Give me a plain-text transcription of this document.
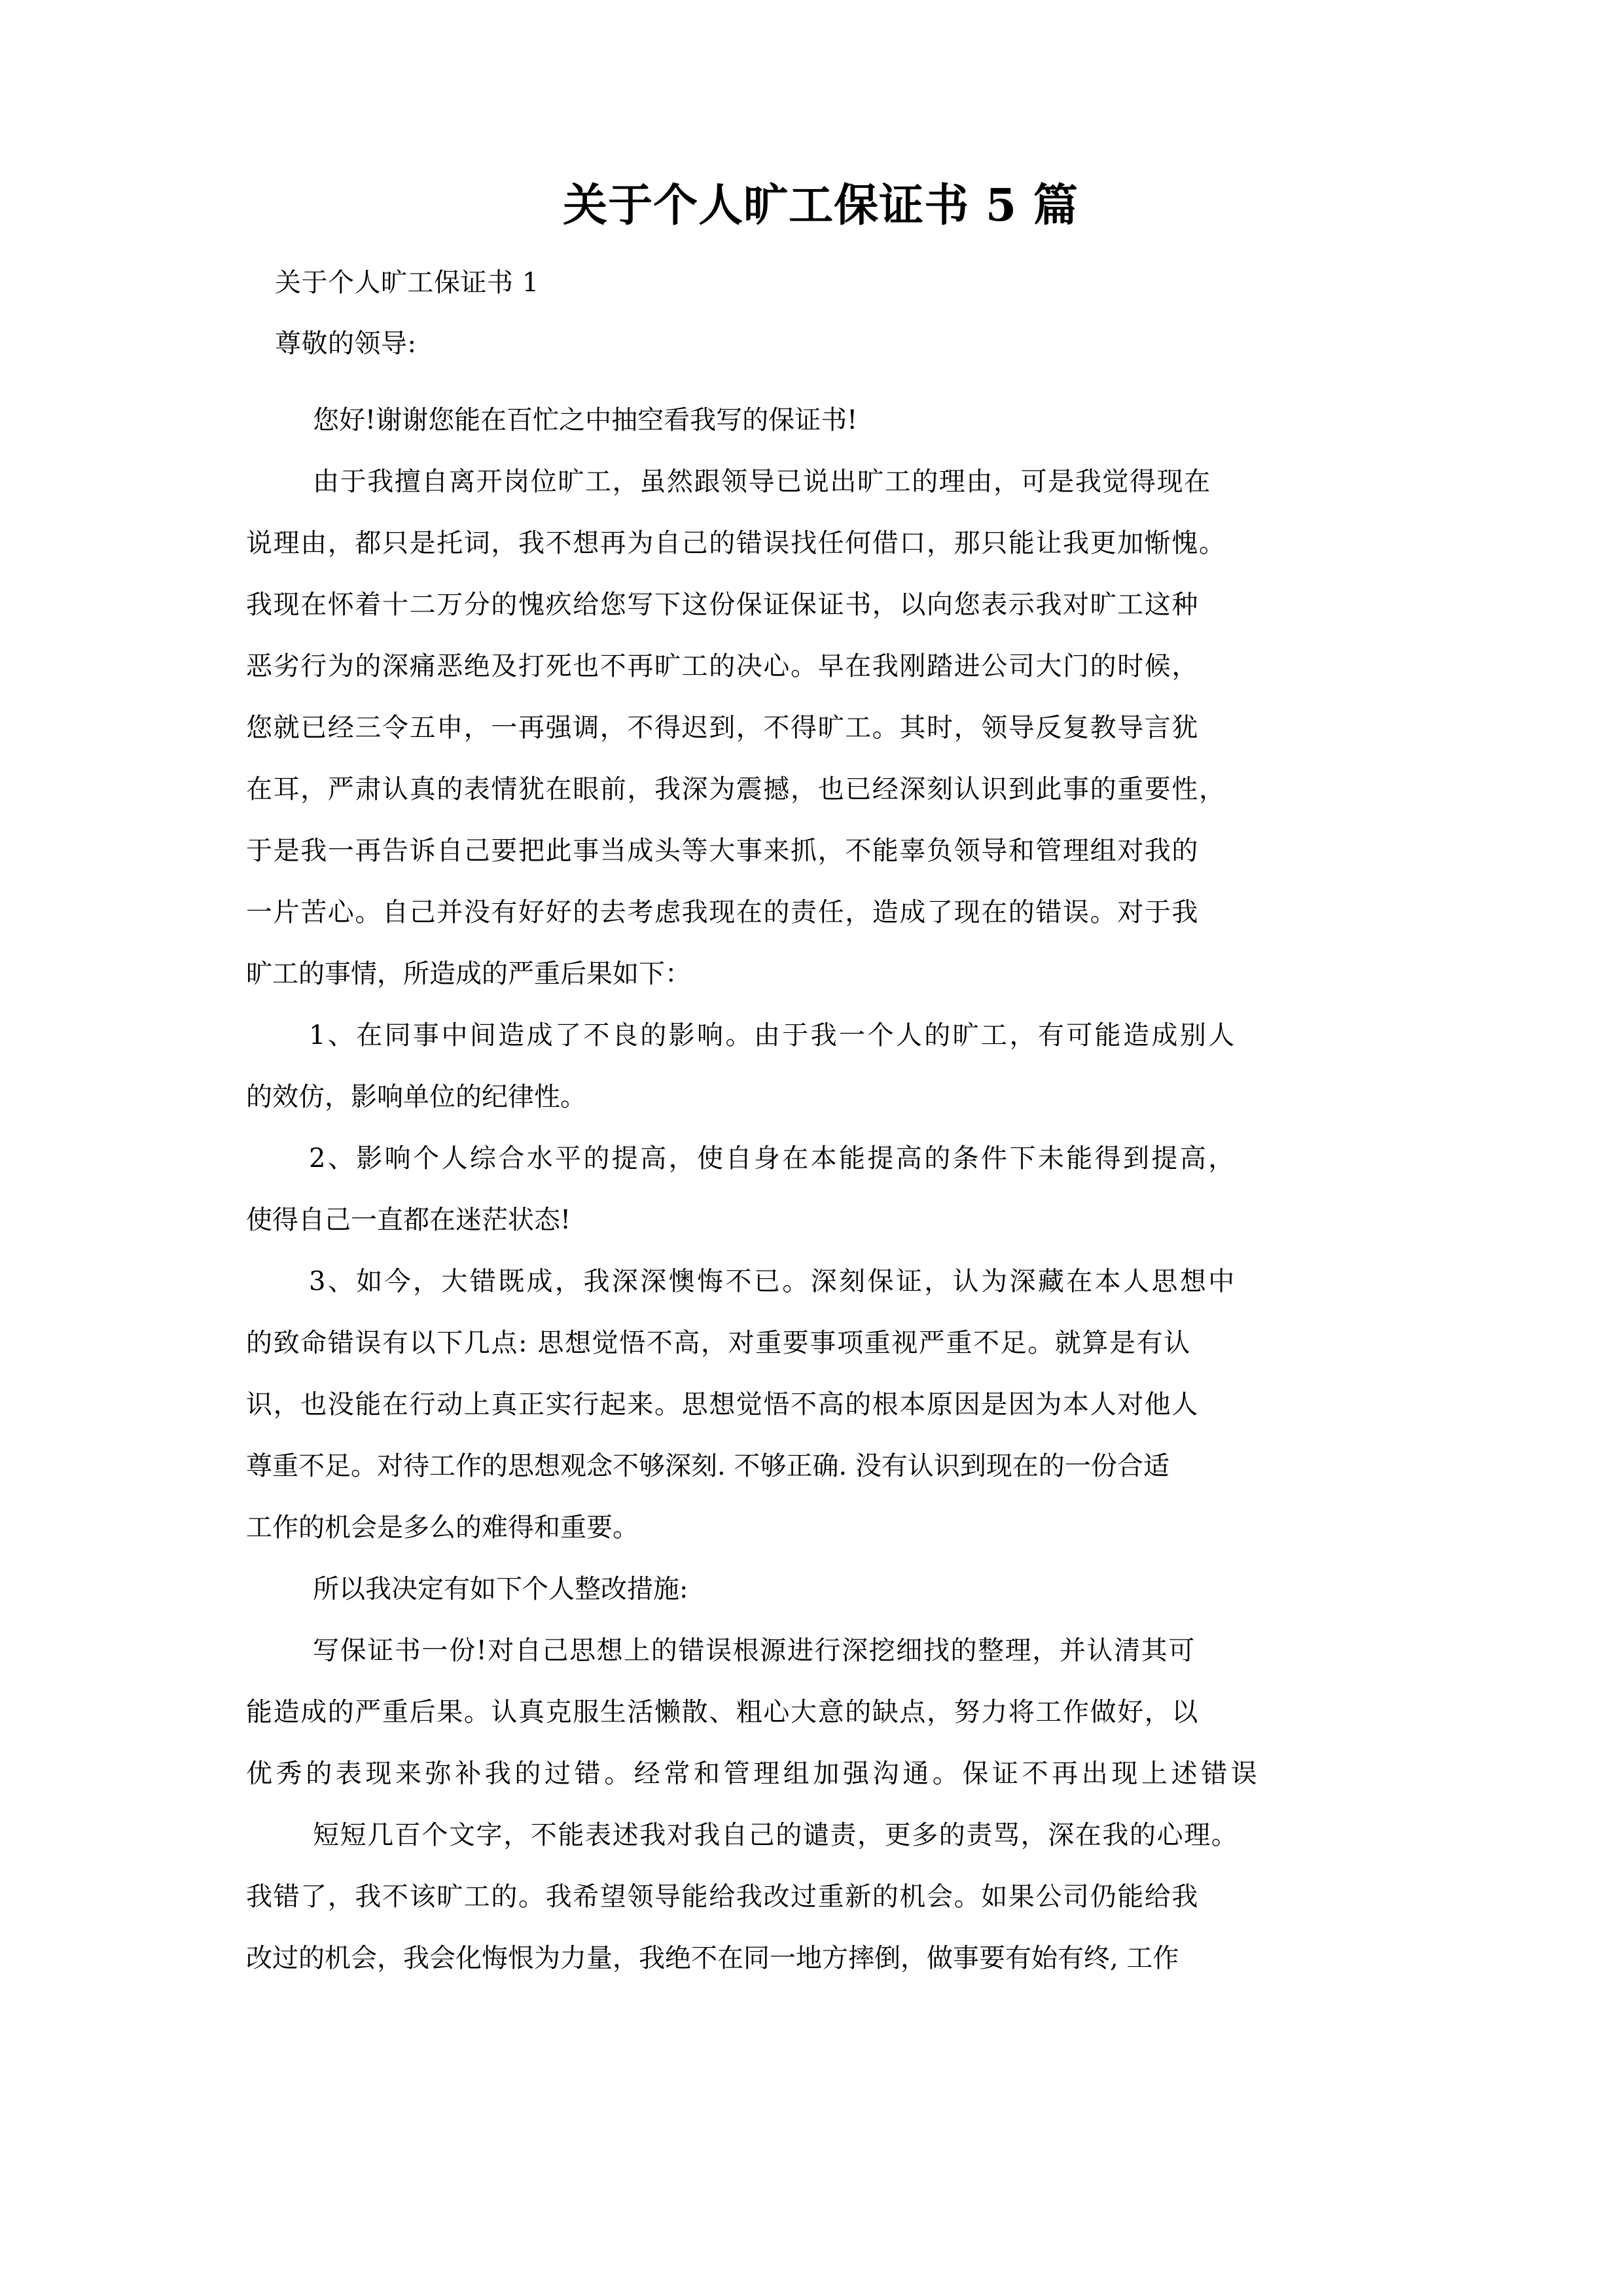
关于个人旷工保证书 5 篇

关于个人旷工保证书 1

尊敬的领导:

您好!谢谢您能在百忙之中抽空看我写的保证书!
由于我擅自离开岗位旷工，虽然跟领导已说出旷工的理由，可是我觉得现在
说理由，都只是托词，我不想再为自己的错误找任何借口，那只能让我更加惭愧。
我现在怀着十二万分的愧疚给您写下这份保证保证书，以向您表示我对旷工这种
恶劣行为的深痛恶绝及打死也不再旷工的决心。早在我刚踏进公司大门的时候，
您就已经三令五申，一再强调，不得迟到，不得旷工。其时，领导反复教导言犹
在耳，严肃认真的表情犹在眼前，我深为震撼，也已经深刻认识到此事的重要性，
于是我一再告诉自己要把此事当成头等大事来抓，不能辜负领导和管理组对我的
一片苦心。自己并没有好好的去考虑我现在的责任，造成了现在的错误。对于我
旷工的事情，所造成的严重后果如下：
1、在同事中间造成了不良的影响。由于我一个人的旷工，有可能造成别人
的效仿，影响单位的纪律性。
2、影响个人综合水平的提高，使自身在本能提高的条件下未能得到提高，
使得自己一直都在迷茫状态!
3、如今，大错既成，我深深懊悔不已。深刻保证，认为深藏在本人思想中
的致命错误有以下几点: 思想觉悟不高，对重要事项重视严重不足。就算是有认
识，也没能在行动上真正实行起来。思想觉悟不高的根本原因是因为本人对他人
尊重不足。对待工作的思想观念不够深刻. 不够正确. 没有认识到现在的一份合适
工作的机会是多么的难得和重要。
所以我决定有如下个人整改措施:
写保证书一份!对自己思想上的错误根源进行深挖细找的整理，并认清其可
能造成的严重后果。认真克服生活懒散、粗心大意的缺点，努力将工作做好，以
优秀的表现来弥补我的过错。经常和管理组加强沟通。保证不再出现上述错误
短短几百个文字，不能表述我对我自己的谴责，更多的责骂，深在我的心理。
我错了，我不该旷工的。我希望领导能给我改过重新的机会。如果公司仍能给我
改过的机会，我会化悔恨为力量，我绝不在同一地方摔倒，做事要有始有终, 工作
